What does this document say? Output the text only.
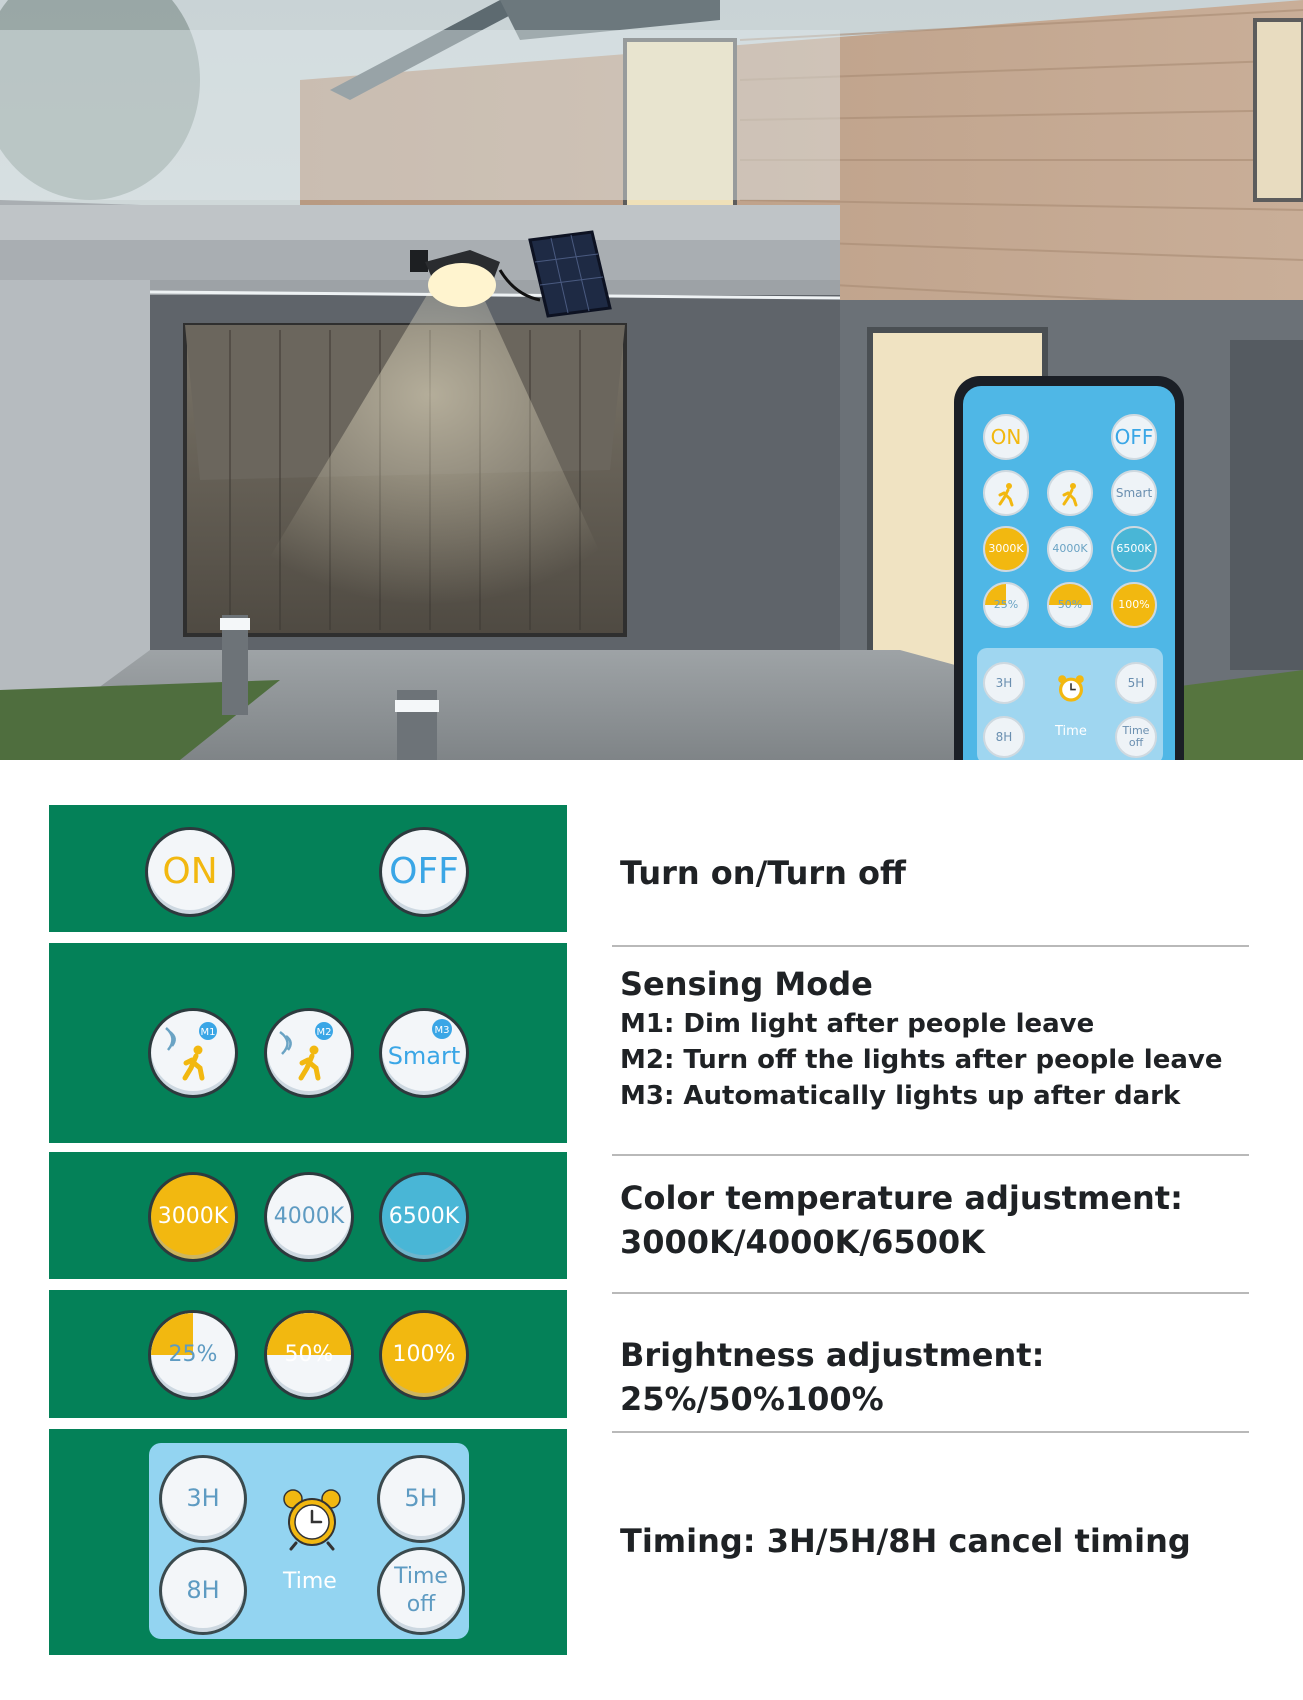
ON	OFF
Smart
3000K	4000K	6500K
25%	50%	100%
3H	5H
8H	Time off
Time
ON	OFF	Turn on/Turn off
M1	M2	M3
Smart
Sensing Mode
M1: Dim light after people leave
M2: Turn off the lights after people leave
M3: Automatically lights up after dark
3000K 4000K 6500K	Color temperature adjustment:
3000K/4000K/6500K
25%	50%	100%	Brightness adjustment: 25%/50%100%
3H	5H
8H	Time
off
Time
Timing: 3H/5H/8H cancel timing
